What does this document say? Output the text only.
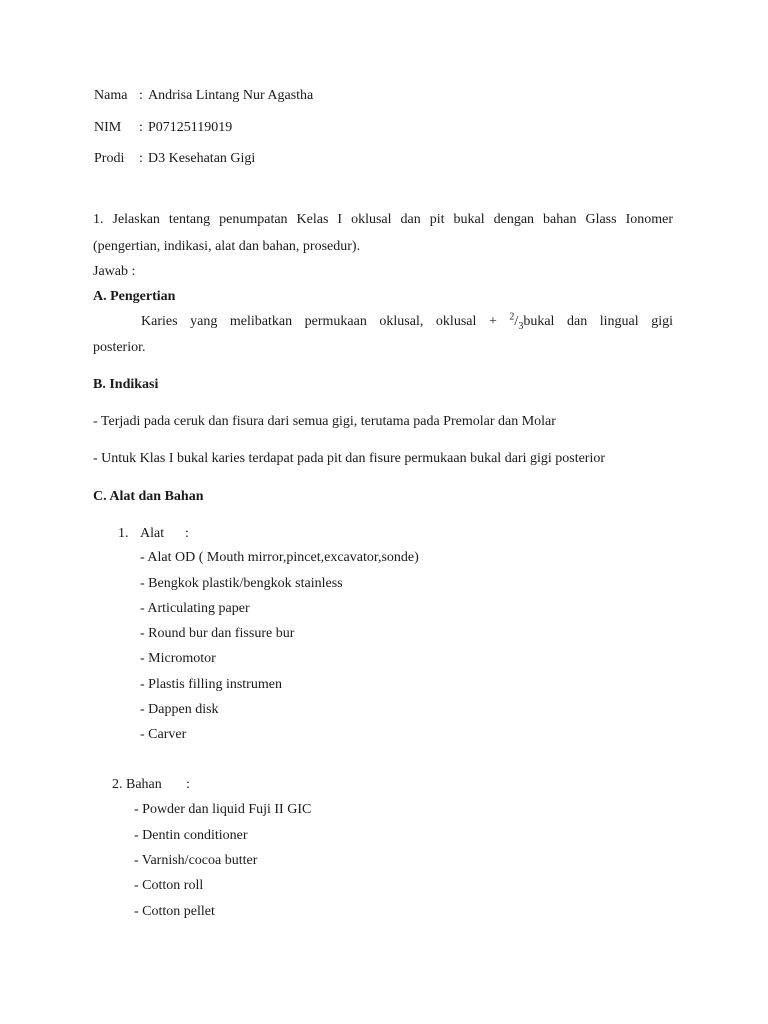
Nama : Andrisa Lintang Nur Agastha
NIM : P07125119019
Prodi : D3 Kesehatan Gigi
1. Jelaskan tentang penumpatan Kelas I oklusal dan pit bukal dengan bahan Glass Ionomer
(pengertian, indikasi, alat dan bahan, prosedur).
Jawab :
A. Pengertian
Karies yang melibatkan permukaan oklusal, oklusal + $^2/_3bukal$ dan lingual gigi
posterior.
B. Indikasi
- Terjadi pada ceruk dan fisura dari semua gigi, terutama pada Premolar dan Molar
- Untuk Klas I bukal karies terdapat pada pit dan fisure permukaan bukal dari gigi posterior
C. Alat dan Bahan
1. Alat :
- Alat OD ( Mouth mirror,pincet,excavator,sonde)
- Bengkok plastik/bengkok stainless
- Articulating paper
- Round bur dan fissure bur
- Micromotor
- Plastis filling instrumen
- Dappen disk
- Carver
2. Bahan :
- Powder dan liquid Fuji II GIC
- Dentin conditioner
- Varnish/cocoa butter
- Cotton roll
- Cotton pellet
